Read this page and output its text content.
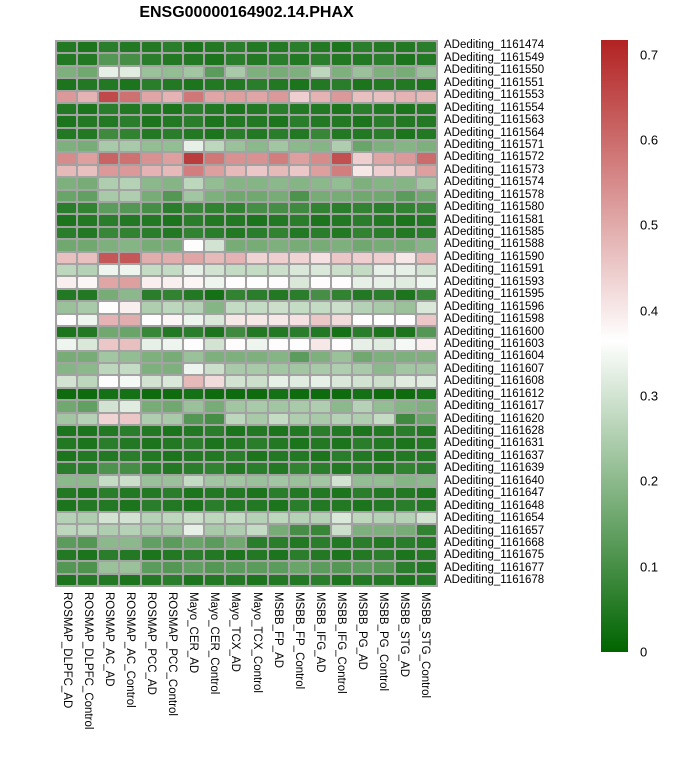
ENSG00000164902.14.PHAX
ADediting_1161474
ADediting_1161549
ADediting_1161550
ADediting_1161551
ADediting_1161553
ADediting_1161554
ADediting_1161563
ADediting_1161564
ADediting_1161571
ADediting_1161572
ADediting_1161573
ADediting_1161574
ADediting_1161578
ADediting_1161580
ADediting_1161581
ADediting_1161585
ADediting_1161588
ADediting_1161590
ADediting_1161591
ADediting_1161593
ADediting_1161595
ADediting_1161596
ADediting_1161598
ADediting_1161600
ADediting_1161603
ADediting_1161604
ADediting_1161607
ADediting_1161608
ADediting_1161612
ADediting_1161617
ADediting_1161620
ADediting_1161628
ADediting_1161631
ADediting_1161637
ADediting_1161639
ADediting_1161640
ADediting_1161647
ADediting_1161648
ADediting_1161654
ADediting_1161657
ADediting_1161668
ADediting_1161675
ADediting_1161677
ADediting_1161678
ROSMAP_DLPFC_AD ROSMAP_DLPFC_Control ROSMAP_AC_AD ROSMAP_AC_Control ROSMAP_PCC_AD ROSMAP_PCC_Control Mayo_CER_AD Mayo_CER_Control Mayo_TCX_AD Mayo_TCX_Control MSBB_FP_AD MSBB_FP_Control MSBB_IFG_AD MSBB_IFG_Control MSBB_PG_AD MSBB_PG_Control MSBB_STG_AD MSBB_STG_Control
0.7
0.6
0.5
0.4
0.3
0.2
0.1
0
